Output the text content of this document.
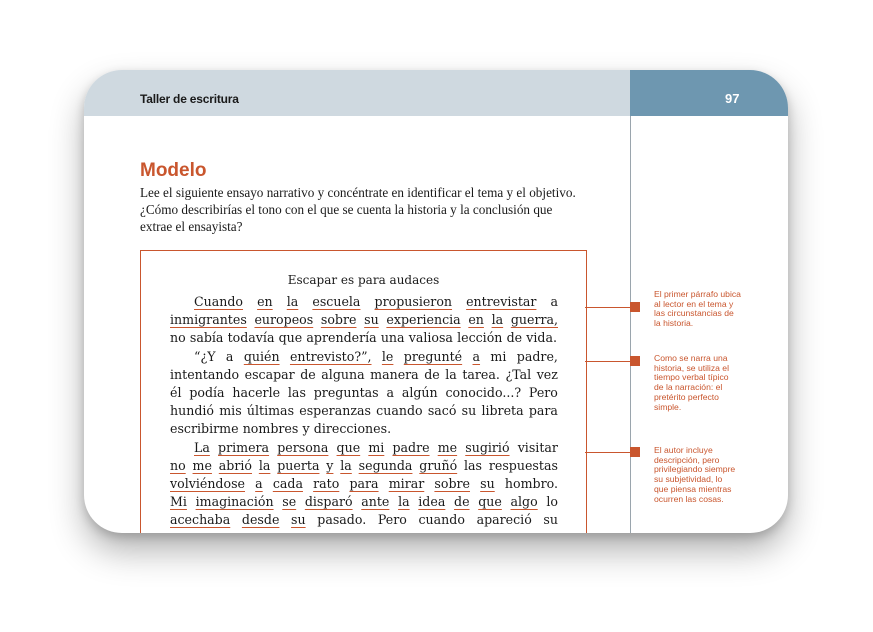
Taller de escritura	97
Modelo
Lee el siguiente ensayo narrativo y concéntrate en identificar el tema y el objetivo.
¿Cómo describirías el tono con el que se cuenta la historia y la conclusión que
extrae el ensayista?
Escapar es para audaces
Cuando en la escuela propusieron entrevistar a
inmigrantes europeos sobre su experiencia en la guerra,
no sabía todavía que aprendería una valiosa lección de vida.
“¿Y a quién entrevisto?”, le pregunté a mi padre,
intentando escapar de alguna manera de la tarea. ¿Tal vez
él podía hacerle las preguntas a algún conocido...? Pero
hundió mis últimas esperanzas cuando sacó su libreta para
escribirme nombres y direcciones.
La primera persona que mi padre me sugirió visitar
no me abrió la puerta y la segunda gruñó las respuestas
volviéndose a cada rato para mirar sobre su hombro.
Mi imaginación se disparó ante la idea de que algo lo
acechaba desde su pasado. Pero cuando apareció su
El primer párrafo ubica
al lector en el tema y
las circunstancias de
la historia.
Como se narra una
historia, se utiliza el
tiempo verbal típico
de la narración: el
pretérito perfecto
simple.
El autor incluye
descripción, pero
privilegiando siempre
su subjetividad, lo
que piensa mientras
ocurren las cosas.
